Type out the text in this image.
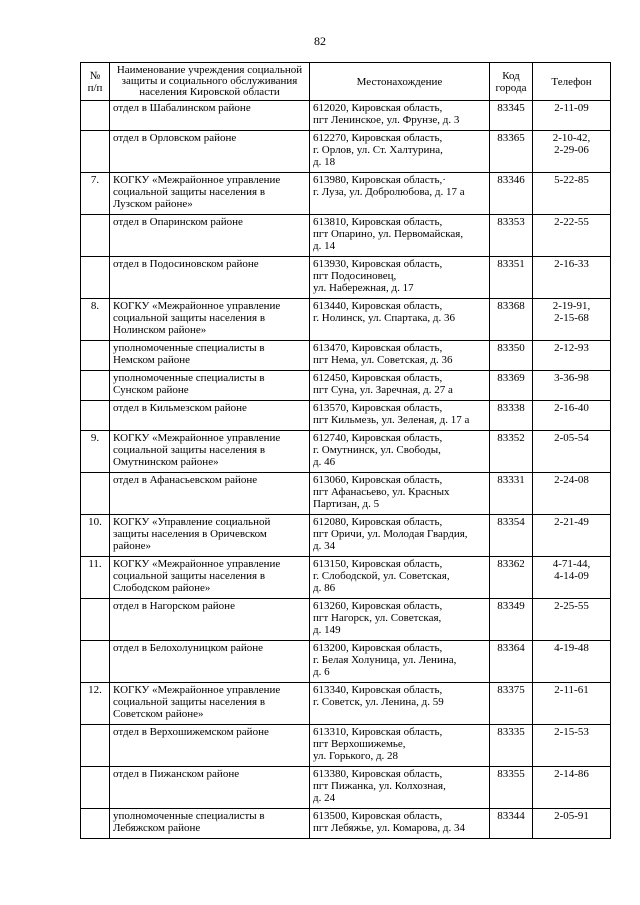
82
№
п/п	Наименование учреждения социальной
защиты и социального обслуживания
населения Кировской области	Местонахождение	Код
города	Телефон

	отдел в Шабалинском районе	612020, Кировская область,
пгт Ленинское, ул. Фрунзе, д. 3	83345	2-11-09

	отдел в Орловском районе	612270, Кировская область,
г. Орлов, ул. Ст. Халтурина,
д. 18	83365	2-10-42,
2-29-06

7.	КОГКУ «Межрайонное управление
социальной защиты населения в
Лузском районе»	613980, Кировская область,·
г. Луза, ул. Добролюбова, д. 17 а	83346	5-22-85

	отдел в Опаринском районе	613810, Кировская область,
пгт Опарино, ул. Первомайская,
д. 14	83353	2-22-55

	отдел в Подосиновском районе	613930, Кировская область,
пгт Подосиновец,
ул. Набережная, д. 17	83351	2-16-33

8.	КОГКУ «Межрайонное управление
социальной защиты населения в
Нолинском районе»	613440, Кировская область,
г. Нолинск, ул. Спартака, д. 36	83368	2-19-91,
2-15-68

	уполномоченные специалисты в
Немском районе	613470, Кировская область,
пгт Нема, ул. Советская, д. 36	83350	2-12-93

	уполномоченные специалисты в
Сунском районе	612450, Кировская область,
пгт Суна, ул. Заречная, д. 27 а	83369	3-36-98

	отдел в Кильмезском районе	613570, Кировская область,
пгт Кильмезь, ул. Зеленая, д. 17 а	83338	2-16-40

9.	КОГКУ «Межрайонное управление
социальной защиты населения в
Омутнинском районе»	612740, Кировская область,
г. Омутнинск, ул. Свободы,
д. 46	83352	2-05-54

	отдел в Афанасьевском районе	613060, Кировская область,
пгт Афанасьево, ул. Красных
Партизан, д. 5	83331	2-24-08

10.	КОГКУ «Управление социальной
защиты населения в Оричевском
районе»	612080, Кировская область,
пгт Оричи, ул. Молодая Гвардия,
д. 34	83354	2-21-49

11.	КОГКУ «Межрайонное управление
социальной защиты населения в
Слободском районе»	613150, Кировская область,
г. Слободской, ул. Советская,
д. 86	83362	4-71-44,
4-14-09

	отдел в Нагорском районе	613260, Кировская область,
пгт Нагорск, ул. Советская,
д. 149	83349	2-25-55

	отдел в Белохолуницком районе	613200, Кировская область,
г. Белая Холуница, ул. Ленина,
д. 6	83364	4-19-48

12.	КОГКУ «Межрайонное управление
социальной защиты населения в
Советском районе»	613340, Кировская область,
г. Советск, ул. Ленина, д. 59	83375	2-11-61

	отдел в Верхошижемском районе	613310, Кировская область,
пгт Верхошижемье,
ул. Горького, д. 28	83335	2-15-53

	отдел в Пижанском районе	613380, Кировская область,
пгт Пижанка, ул. Колхозная,
д. 24	83355	2-14-86

	уполномоченные специалисты в
Лебяжском районе	613500, Кировская область,
пгт Лебяжье, ул. Комарова, д. 34	83344	2-05-91
